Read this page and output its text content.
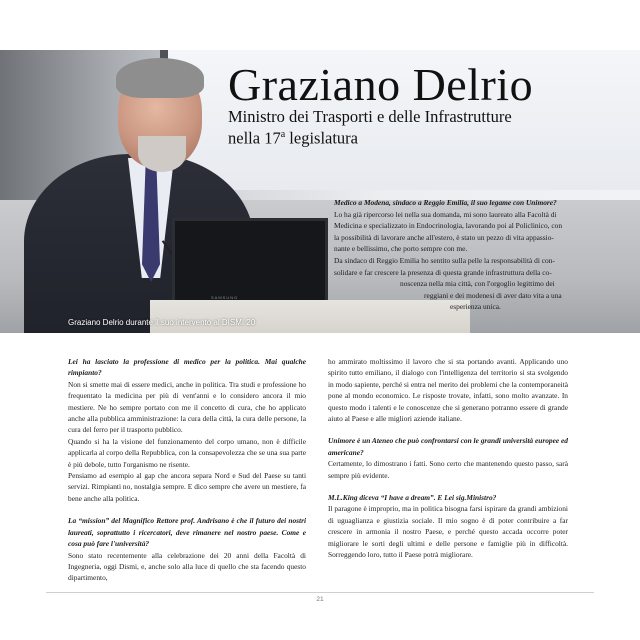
SAMSUNG
Graziano Delrio
Ministro dei Trasporti e delle Infrastrutture
nella 17$^a$ legislatura

Medico a Modena, sindaco a Reggio Emilia, il suo legame con Unimore?

Lo ha già ripercorso lei nella sua domanda, mi sono laureato alla Facoltà di

Medicina e specializzato in Endocrinologia, lavorando poi al Policlinico, con

la possibilità di lavorare anche all'estero, è stato un pezzo di vita appassio-

nante e bellissimo, che porto sempre con me.

Da sindaco di Reggio Emilia ho sentito sulla pelle la responsabilità di con-

solidare e far crescere la presenza di questa grande infrastruttura della co-

noscenza nella mia città, con l'orgoglio legittimo dei

reggiani e dei modenesi di aver dato vita a una

esperienza unica.

Graziano Delrio durante il suo intervento al DISMI 20

Lei ha lasciato la professione di medico per la politica. Mai qualche rimpianto?

Non si smette mai di essere medici, anche in politica. Tra studi e professione ho frequentato la medicina per più di vent'anni e lo considero ancora il mio mestiere. Ne ho sempre portato con me il concetto di cura, che ho applicato anche alla pubblica amministrazione: la cura della città, la cura delle persone, la cura del ferro per il trasporto pubblico.

Quando si ha la visione del funzionamento del corpo umano, non è difficile applicarla al corpo della Repubblica, con la consapevolezza che se una sua parte è più debole, tutto l'organismo ne risente.

Pensiamo ad esempio al gap che ancora separa Nord e Sud del Paese su tanti servizi. Rimpianti no, nostalgia sempre. E dico sempre che avere un mestiere, fa bene anche alla politica.

La “mission” del Magnifico Rettore prof. Andrisano è che il futuro dei nostri laureati, soprattutto i ricercatori, deve rimanere nel nostro paese. Come e cosa può fare l'università?

Sono stato recentemente alla celebrazione dei 20 anni della Facoltà di Ingegneria, oggi Dismi, e, anche solo alla luce di quello che sta facendo questo dipartimento,

ho ammirato moltissimo il lavoro che si sta portando avanti. Applicando uno spirito tutto emiliano, il dialogo con l'intelligenza del territorio si sta svolgendo in modo sapiente, perché si entra nel merito dei problemi che la contemporaneità pone al mondo economico. Le risposte trovate, infatti, sono molto avanzate. In questo modo i talenti e le conoscenze che si generano potranno essere di grande aiuto al Paese e alle migliori aziende italiane.

Unimore è un Ateneo che può confrontarsi con le grandi università europee ed americane?

Certamente, lo dimostrano i fatti. Sono certo che mantenendo questo passo, sarà sempre più evidente.

M.L.King diceva “I have a dream”. E Lei sig.Ministro?

Il paragone è improprio, ma in politica bisogna farsi ispirare da grandi ambizioni di uguaglianza e giustizia sociale. Il mio sogno è di poter contribuire a far crescere in armonia il nostro Paese, e perché questo accada occorre poter migliorare le sorti degli ultimi e delle persone e famiglie più in difficoltà. Sorreggendo loro, tutto il Paese potrà migliorare.

21
